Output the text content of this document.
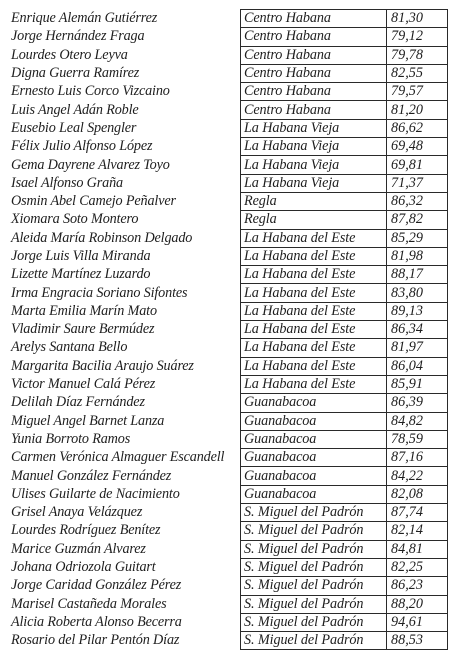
Enrique Alemán Gutiérrez	Centro Habana	81,30
Jorge Hernández Fraga	Centro Habana	79,12
Lourdes Otero Leyva	Centro Habana	79,78
Digna Guerra Ramírez	Centro Habana	82,55
Ernesto Luis Corco Vizcaino	Centro Habana	79,57
Luis Angel Adán Roble	Centro Habana	81,20
Eusebio Leal Spengler	La Habana Vieja	86,62
Félix Julio Alfonso López	La Habana Vieja	69,48
Gema Dayrene Alvarez Toyo	La Habana Vieja	69,81
Isael Alfonso Graña	La Habana Vieja	71,37
Osmin Abel Camejo Peñalver	Regla	86,32
Xiomara Soto Montero	Regla	87,82
Aleida María Robinson Delgado	La Habana del Este	85,29
Jorge Luis Villa Miranda	La Habana del Este	81,98
Lizette Martínez Luzardo	La Habana del Este	88,17
Irma Engracia Soriano Sifontes	La Habana del Este	83,80
Marta Emilia Marín Mato	La Habana del Este	89,13
Vladimir Saure Bermúdez	La Habana del Este	86,34
Arelys Santana Bello	La Habana del Este	81,97
Margarita Bacilia Araujo Suárez	La Habana del Este	86,04
Victor Manuel Calá Pérez	La Habana del Este	85,91
Delilah Díaz Fernández	Guanabacoa	86,39
Miguel Angel Barnet Lanza	Guanabacoa	84,82
Yunia Borroto Ramos	Guanabacoa	78,59
Carmen Verónica Almaguer Escandell	Guanabacoa	87,16
Manuel González Fernández	Guanabacoa	84,22
Ulises Guilarte de Nacimiento	Guanabacoa	82,08
Grisel Anaya Velázquez	S. Miguel del Padrón	87,74
Lourdes Rodríguez Benítez	S. Miguel del Padrón	82,14
Marice Guzmán Alvarez	S. Miguel del Padrón	84,81
Johana Odriozola Guitart	S. Miguel del Padrón	82,25
Jorge Caridad González Pérez	S. Miguel del Padrón	86,23
Marisel Castañeda Morales	S. Miguel del Padrón	88,20
Alicia Roberta Alonso Becerra	S. Miguel del Padrón	94,61
Rosario del Pilar Pentón Díaz	S. Miguel del Padrón	88,53
